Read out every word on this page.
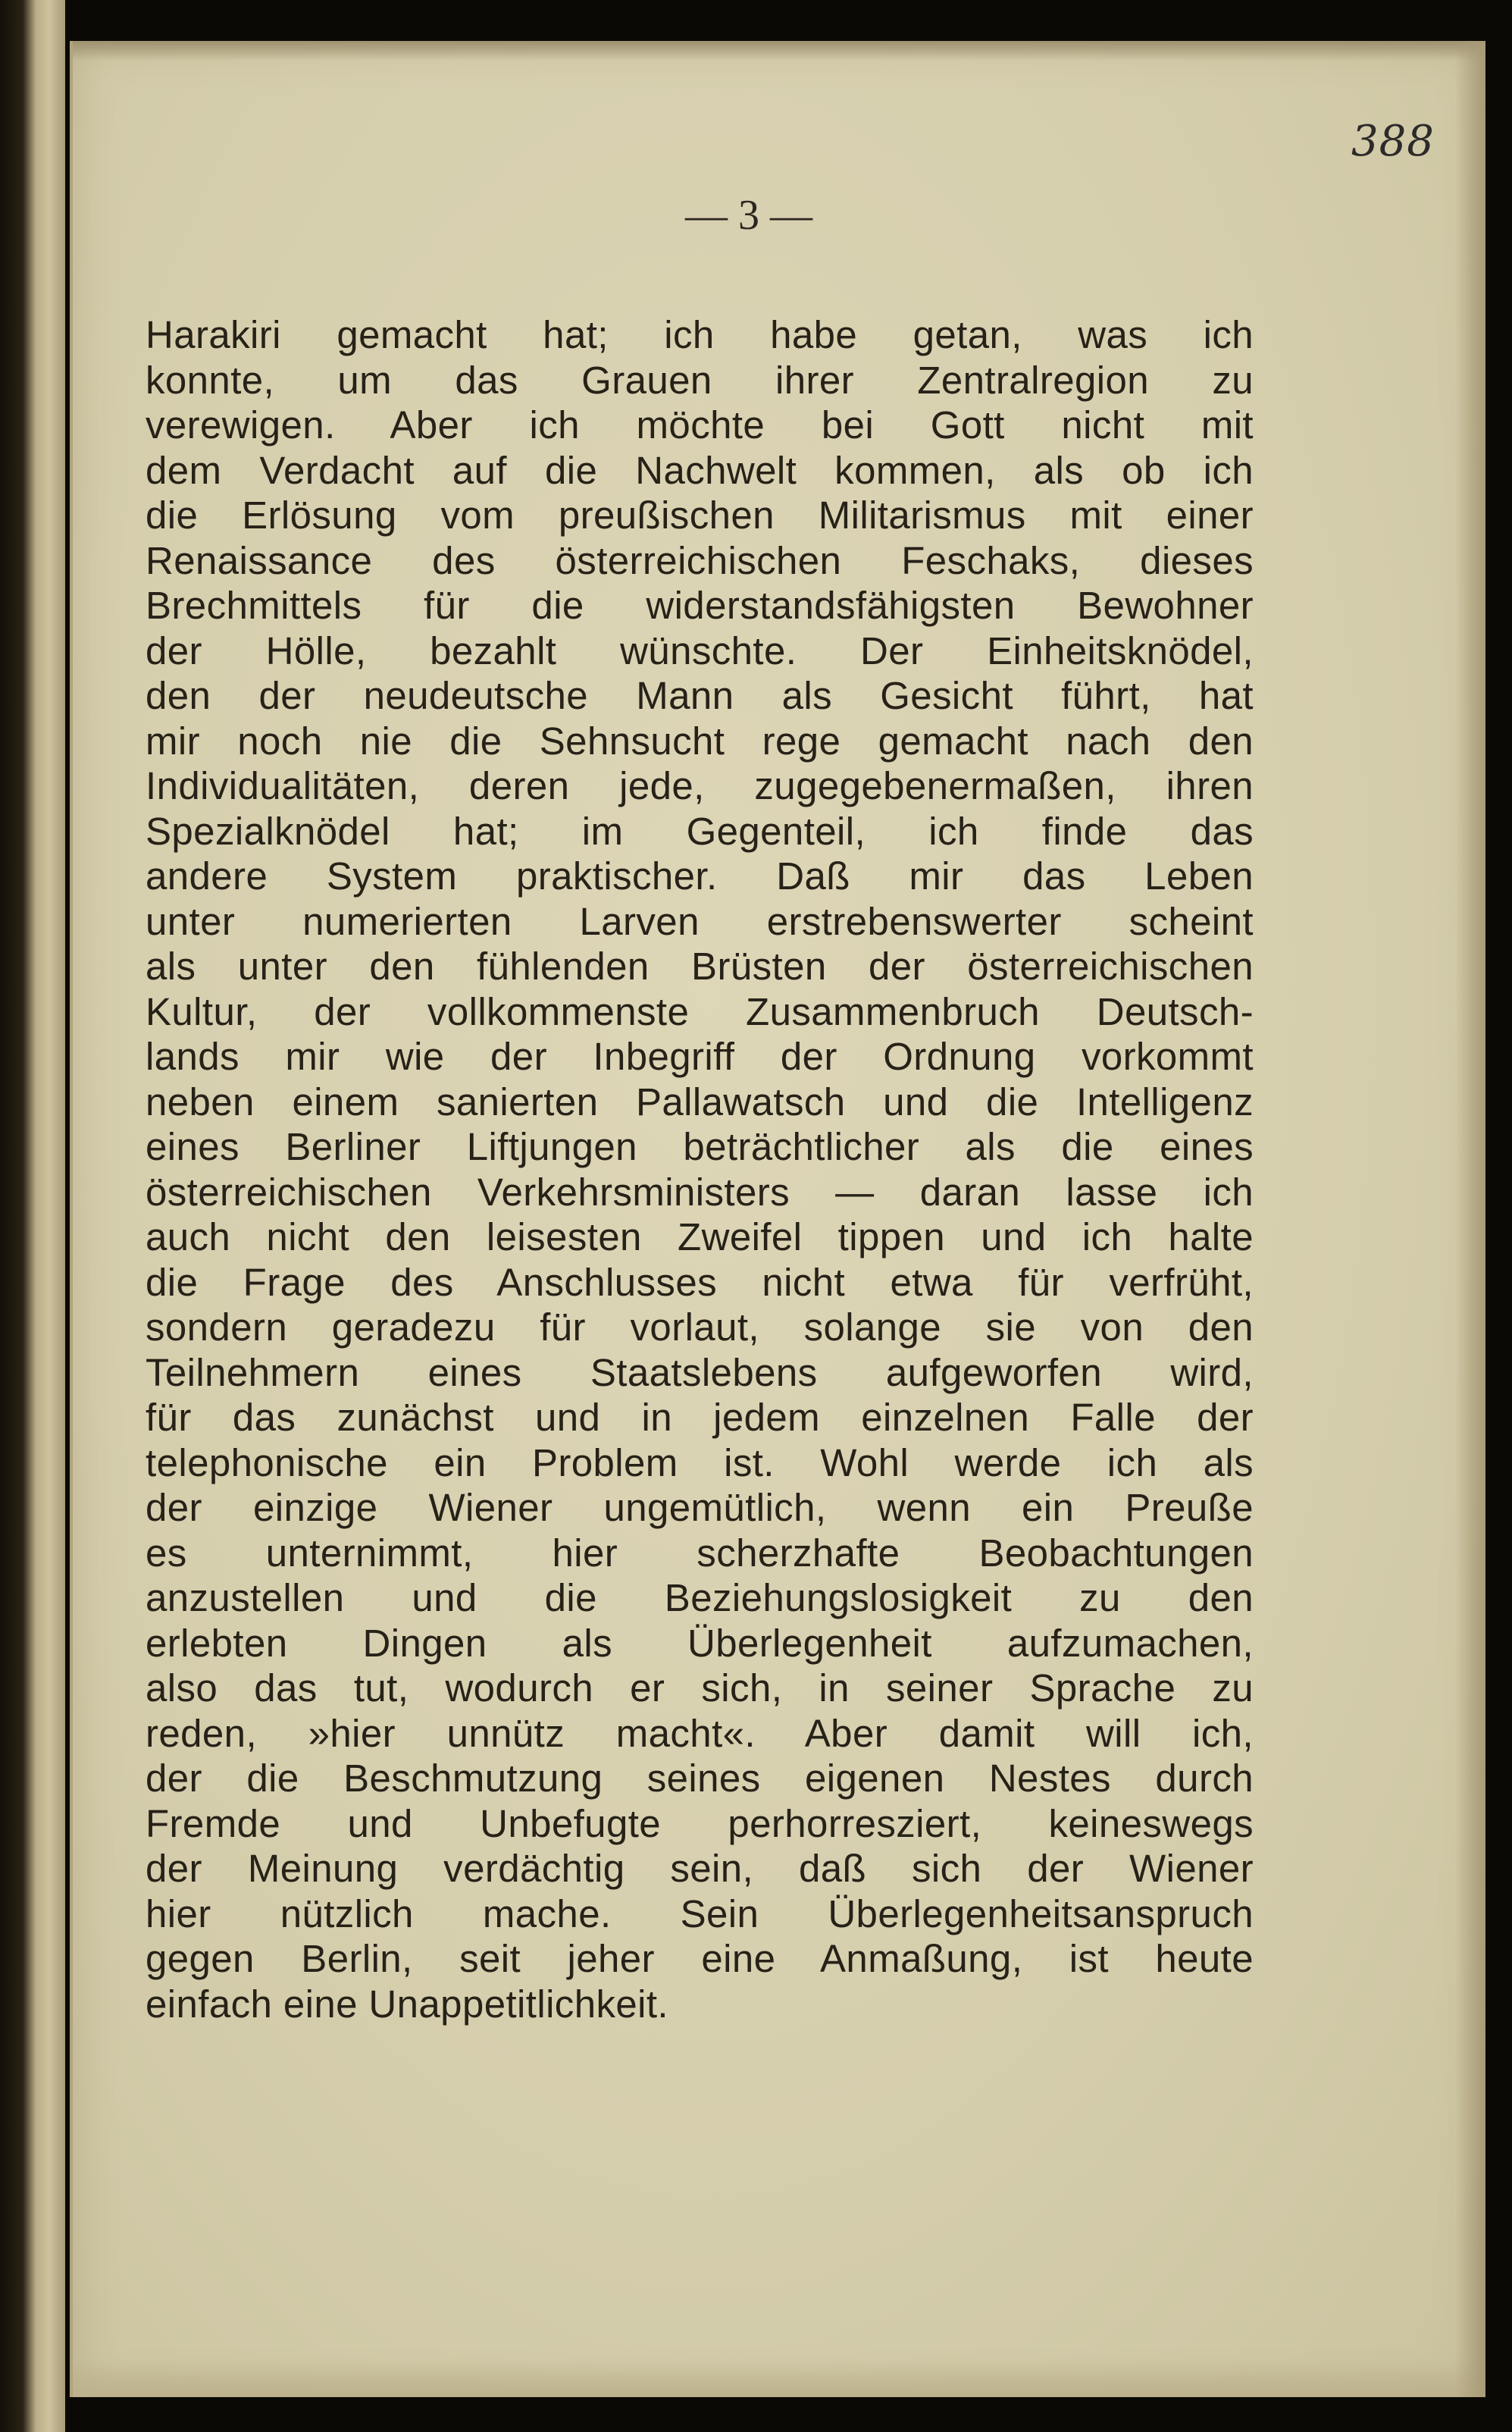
388
— 3 —
Harakiri gemacht hat; ich habe getan, was ich
konnte, um das Grauen ihrer Zentralregion zu
verewigen. Aber ich möchte bei Gott nicht mit
dem Verdacht auf die Nachwelt kommen, als ob ich
die Erlösung vom preußischen Militarismus mit einer
Renaissance des österreichischen Feschaks, dieses
Brechmittels für die widerstandsfähigsten Bewohner
der Hölle, bezahlt wünschte. Der Einheitsknödel,
den der neudeutsche Mann als Gesicht führt, hat
mir noch nie die Sehnsucht rege gemacht nach den
Individualitäten, deren jede, zugegebenermaßen, ihren
Spezialknödel hat; im Gegenteil, ich finde das
andere System praktischer. Daß mir das Leben
unter numerierten Larven erstrebenswerter scheint
als unter den fühlenden Brüsten der österreichischen
Kultur, der vollkommenste Zusammenbruch Deutsch-
lands mir wie der Inbegriff der Ordnung vorkommt
neben einem sanierten Pallawatsch und die Intelligenz
eines Berliner Liftjungen beträchtlicher als die eines
österreichischen Verkehrsministers — daran lasse ich
auch nicht den leisesten Zweifel tippen und ich halte
die Frage des Anschlusses nicht etwa für verfrüht,
sondern geradezu für vorlaut, solange sie von den
Teilnehmern eines Staatslebens aufgeworfen wird,
für das zunächst und in jedem einzelnen Falle der
telephonische ein Problem ist. Wohl werde ich als
der einzige Wiener ungemütlich, wenn ein Preuße
es unternimmt, hier scherzhafte Beobachtungen
anzustellen und die Beziehungslosigkeit zu den
erlebten Dingen als Überlegenheit aufzumachen,
also das tut, wodurch er sich, in seiner Sprache zu
reden, »hier unnütz macht«. Aber damit will ich,
der die Beschmutzung seines eigenen Nestes durch
Fremde und Unbefugte perhorresziert, keineswegs
der Meinung verdächtig sein, daß sich der Wiener
hier nützlich mache. Sein Überlegenheitsanspruch
gegen Berlin, seit jeher eine Anmaßung, ist heute
einfach eine Unappetitlichkeit.
